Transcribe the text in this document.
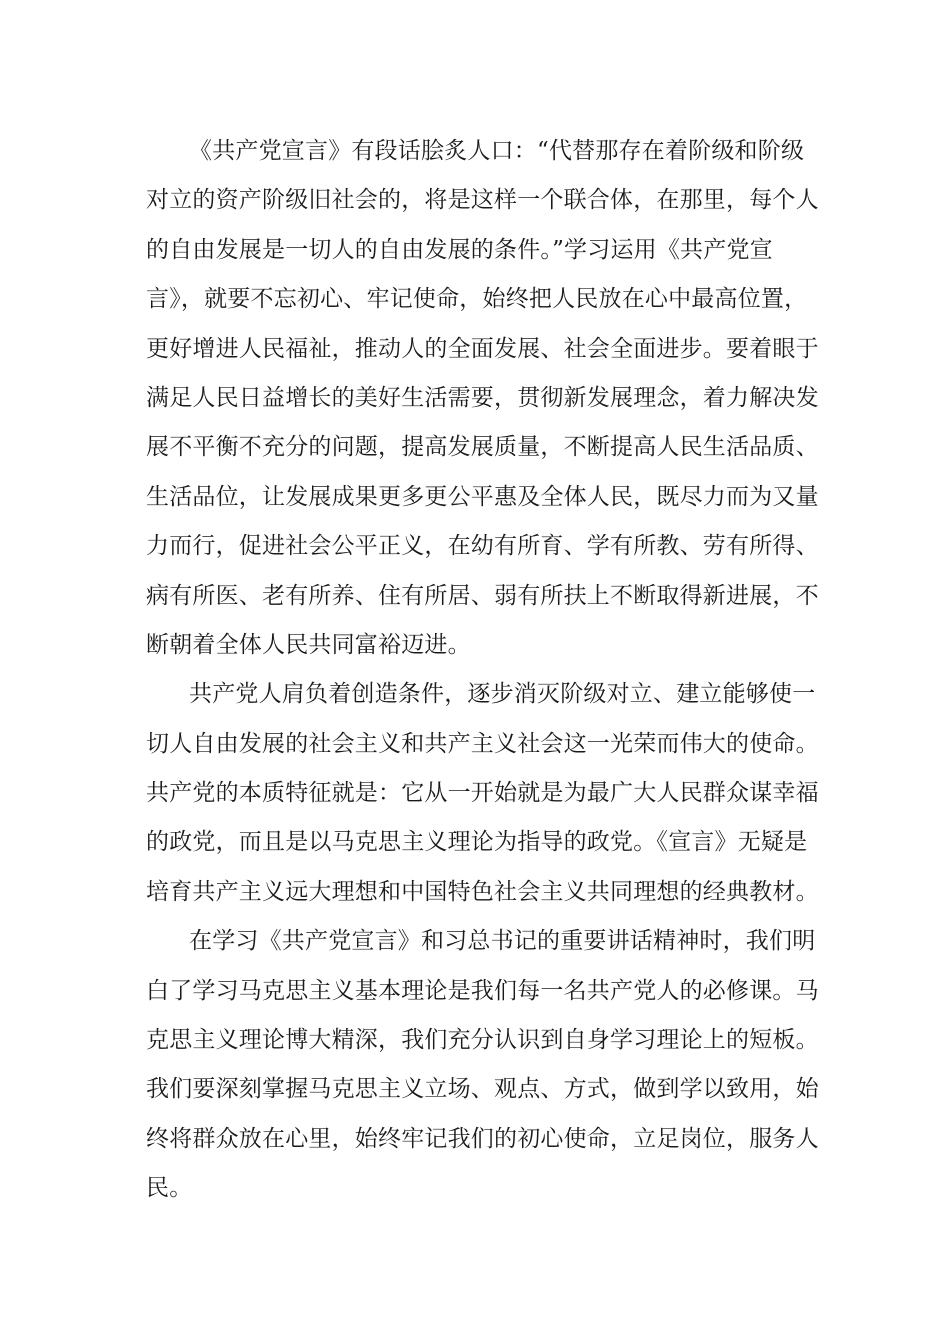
《共产党宣言》有段话脍炙人口：“代替那存在着阶级和阶级
对立的资产阶级旧社会的，将是这样一个联合体，在那里，每个人
的自由发展是一切人的自由发展的条件。”学习运用《共产党宣
言》，就要不忘初心、牢记使命，始终把人民放在心中最高位置，
更好增进人民福祉，推动人的全面发展、社会全面进步。要着眼于
满足人民日益增长的美好生活需要，贯彻新发展理念，着力解决发
展不平衡不充分的问题，提高发展质量，不断提高人民生活品质、
生活品位，让发展成果更多更公平惠及全体人民，既尽力而为又量
力而行，促进社会公平正义，在幼有所育、学有所教、劳有所得、
病有所医、老有所养、住有所居、弱有所扶上不断取得新进展，不
断朝着全体人民共同富裕迈进。
共产党人肩负着创造条件，逐步消灭阶级对立、建立能够使一
切人自由发展的社会主义和共产主义社会这一光荣而伟大的使命。
共产党的本质特征就是：它从一开始就是为最广大人民群众谋幸福
的政党，而且是以马克思主义理论为指导的政党。《宣言》无疑是
培育共产主义远大理想和中国特色社会主义共同理想的经典教材。
在学习《共产党宣言》和习总书记的重要讲话精神时，我们明
白了学习马克思主义基本理论是我们每一名共产党人的必修课。马
克思主义理论博大精深，我们充分认识到自身学习理论上的短板。
我们要深刻掌握马克思主义立场、观点、方式，做到学以致用，始
终将群众放在心里，始终牢记我们的初心使命，立足岗位，服务人
民。
